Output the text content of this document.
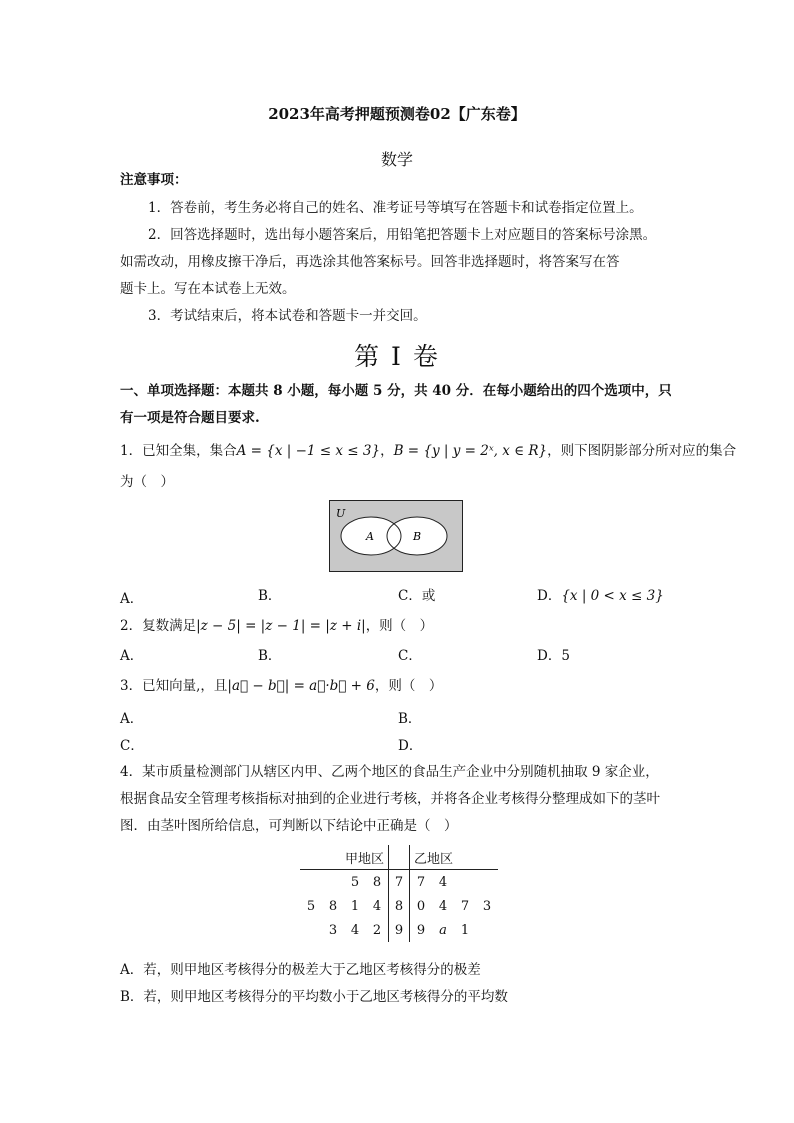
2023年高考押题预测卷02【广东卷】
数学
注意事项：
1．答卷前，考生务必将自己的姓名、准考证号等填写在答题卡和试卷指定位置上。
2．回答选择题时，选出每小题答案后，用铅笔把答题卡上对应题目的答案标号涂黑。
如需改动，用橡皮擦干净后，再选涂其他答案标号。回答非选择题时，将答案写在答
题卡上。写在本试卷上无效。
3．考试结束后，将本试卷和答题卡一并交回。
第 I 卷
一、单项选择题：本题共 8 小题，每小题 5 分，共 40 分．在每小题给出的四个选项中，只
有一项是符合题目要求.
1．已知全集，集合A = {x | −1 ≤ x ≤ 3}，B = {y | y = 2ˣ, x ∈ R}，则下图阴影部分所对应的集合
为（　）
U
A	B
A．	B．	C．或	D．{x | 0 < x ≤ 3}
2．复数满足|z − 5| = |z − 1| = |z + i|，则（　）
A．	B．	C．	D．5
3．已知向量,，且|a⃗ − b⃗| = a⃗·b⃗ + 6，则（　）
A．	B．
C．	D．
4．某市质量检测部门从辖区内甲、乙两个地区的食品生产企业中分别随机抽取 9 家企业，
根据食品安全管理考核指标对抽到的企业进行考核，并将各企业考核得分整理成如下的茎叶
图．由茎叶图所给信息，可判断以下结论中正确是（　）
	甲地区				乙地区			
		5	8	7	7	4		
5	8	1	4	8	0	4	7	3
	3	4	2	9	9	a	1	
A．若，则甲地区考核得分的极差大于乙地区考核得分的极差
B．若，则甲地区考核得分的平均数小于乙地区考核得分的平均数
